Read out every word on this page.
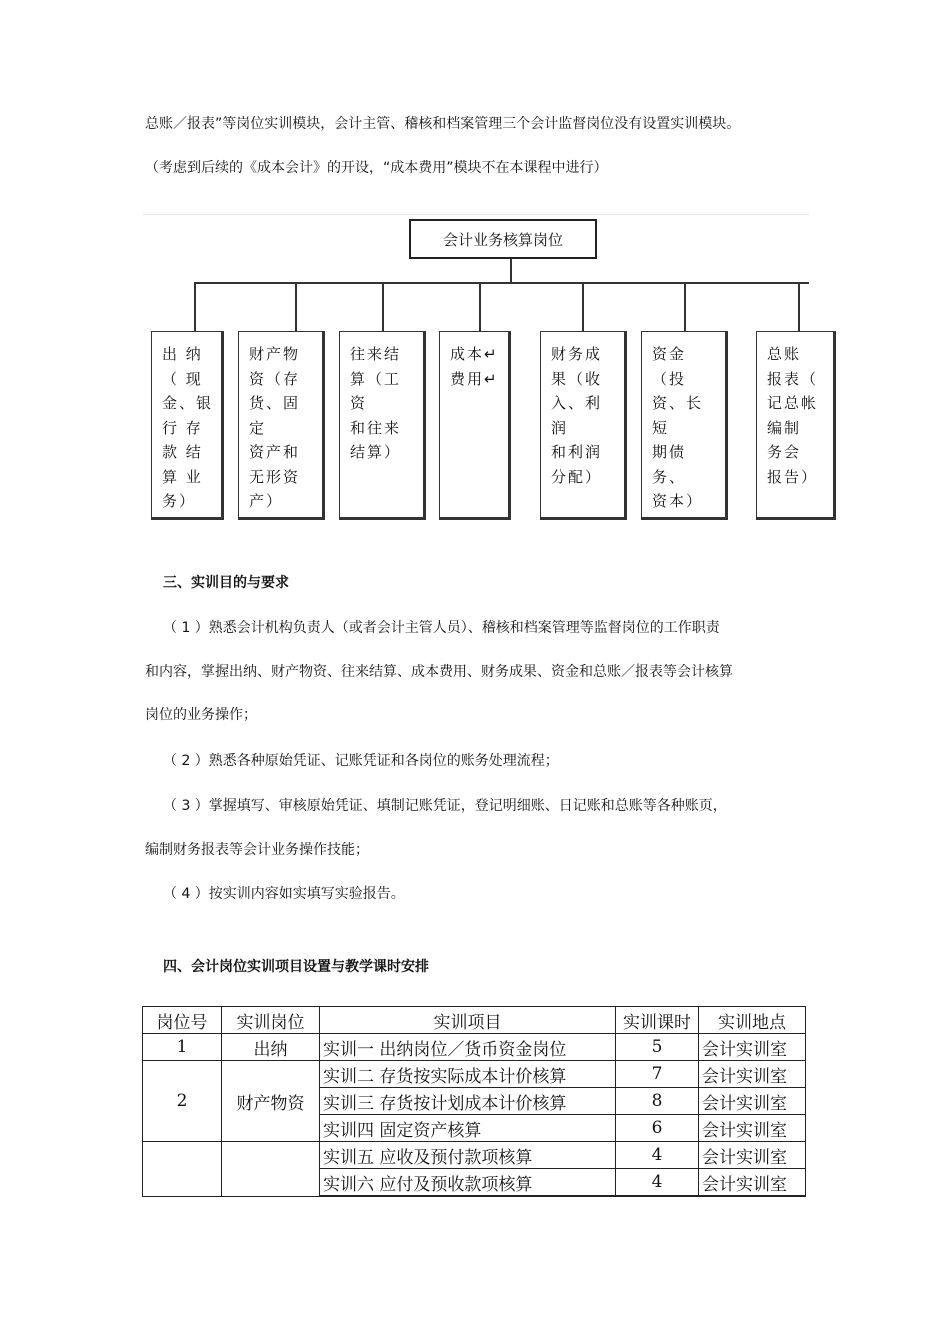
总账／报表”等岗位实训模块，会计主管、稽核和档案管理三个会计监督岗位没有设置实训模块。
（考虑到后续的《成本会计》的开设，“成本费用”模块不在本课程中进行）
会计业务核算岗位
出 纳
（ 现
金、银
行 存
款 结
算 业
务）
财产物
资（存
货、固定
资产和
无形资
产）
往来结
算（工资
和往来
结算）
成本↵
费用↵
财务成
果（收
入、利润
和利润
分配）
资金（投
资、长短
期债务、
资本）
总账
报表（
记总帐
编制
务会
报告）
三、实训目的与要求
（ 1 ）熟悉会计机构负责人（或者会计主管人员）、稽核和档案管理等监督岗位的工作职责
和内容，掌握出纳、财产物资、往来结算、成本费用、财务成果、资金和总账／报表等会计核算
岗位的业务操作；
（ 2 ）熟悉各种原始凭证、记账凭证和各岗位的账务处理流程；
（ 3 ）掌握填写、审核原始凭证、填制记账凭证，登记明细账、日记账和总账等各种账页，
编制财务报表等会计业务操作技能；
（ 4 ）按实训内容如实填写实验报告。
四、会计岗位实训项目设置与教学课时安排
岗位号	实训岗位	实训项目	实训课时	实训地点
1	出纳	实训一 出纳岗位／货币资金岗位	5	会计实训室
2	财产物资	实训二 存货按实际成本计价核算	7	会计实训室
		实训三 存货按计划成本计价核算	8	会计实训室
		实训四 固定资产核算	6	会计实训室
		实训五 应收及预付款项核算	4	会计实训室
		实训六 应付及预收款项核算	4	会计实训室
